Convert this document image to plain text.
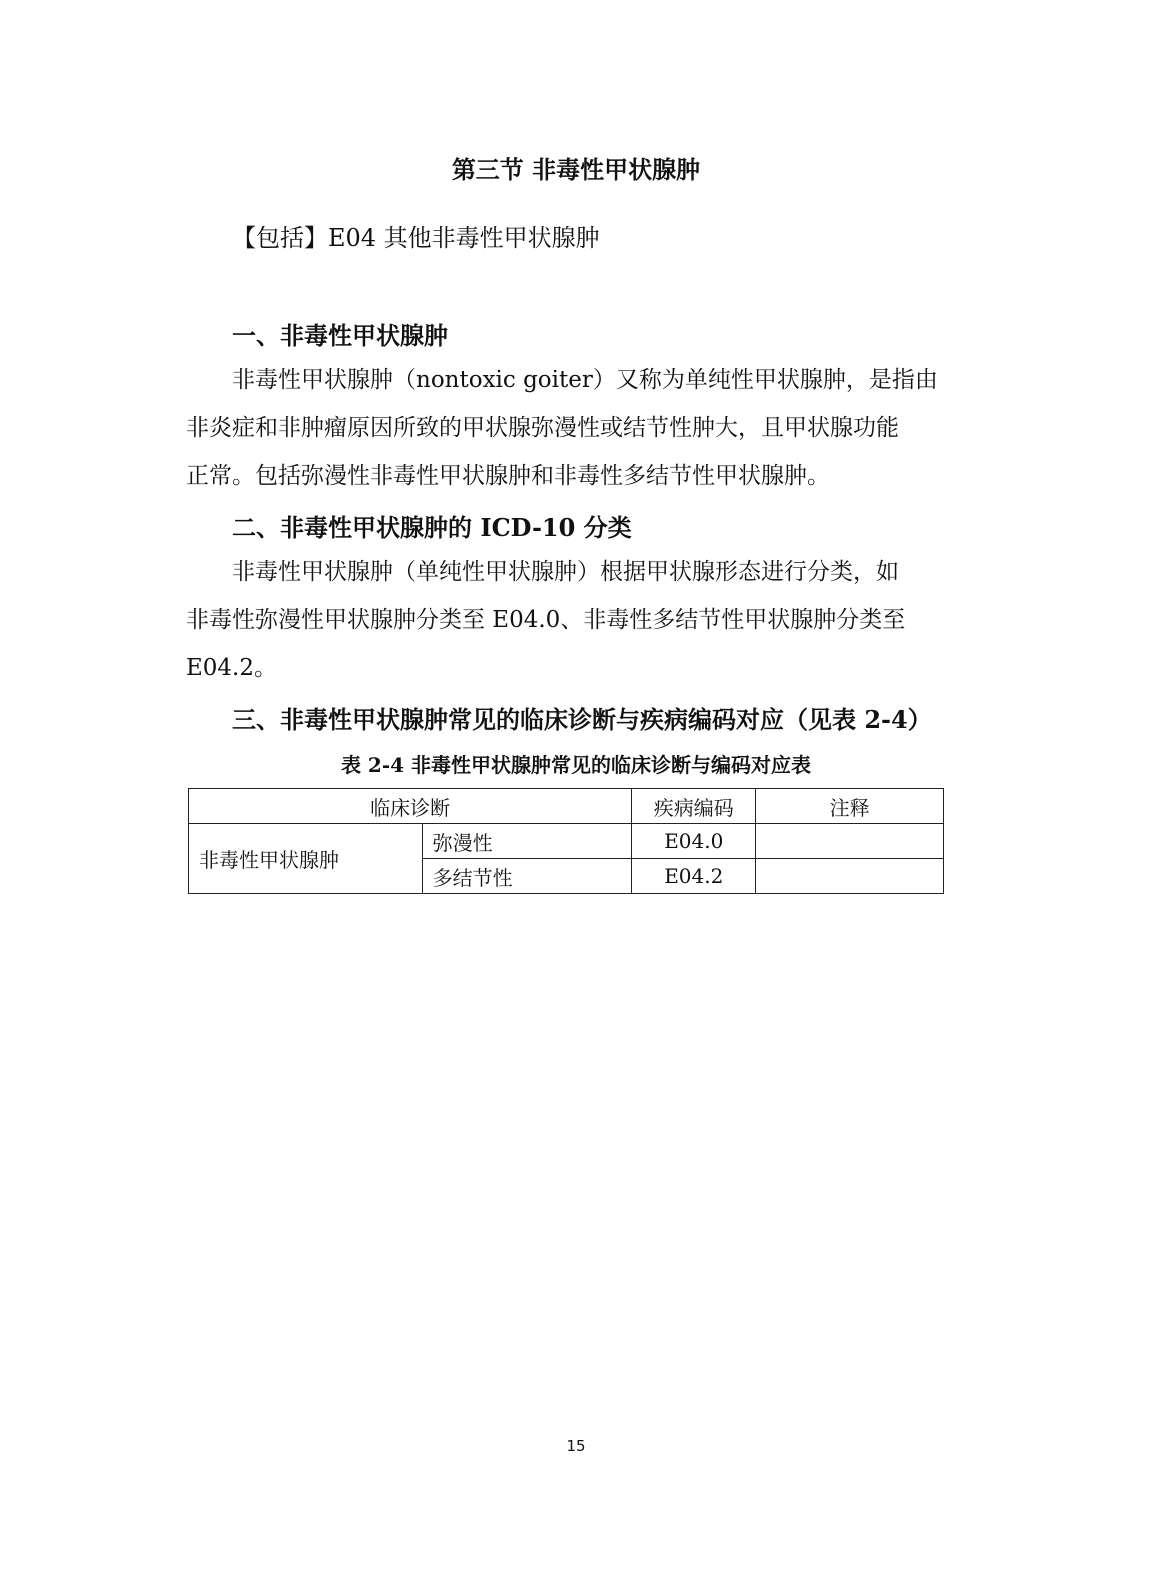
第三节 非毒性甲状腺肿
【包括】E04 其他非毒性甲状腺肿
一、非毒性甲状腺肿
非毒性甲状腺肿（nontoxic goiter）又称为单纯性甲状腺肿，是指由
非炎症和非肿瘤原因所致的甲状腺弥漫性或结节性肿大，且甲状腺功能
正常。包括弥漫性非毒性甲状腺肿和非毒性多结节性甲状腺肿。
二、非毒性甲状腺肿的 ICD-10 分类
非毒性甲状腺肿（单纯性甲状腺肿）根据甲状腺形态进行分类，如
非毒性弥漫性甲状腺肿分类至 E04.0、非毒性多结节性甲状腺肿分类至
E04.2。
三、非毒性甲状腺肿常见的临床诊断与疾病编码对应（见表 2-4）
表 2-4 非毒性甲状腺肿常见的临床诊断与编码对应表
临床诊断		疾病编码	注释
非毒性甲状腺肿	弥漫性	E04.0	
	多结节性	E04.2	
15
